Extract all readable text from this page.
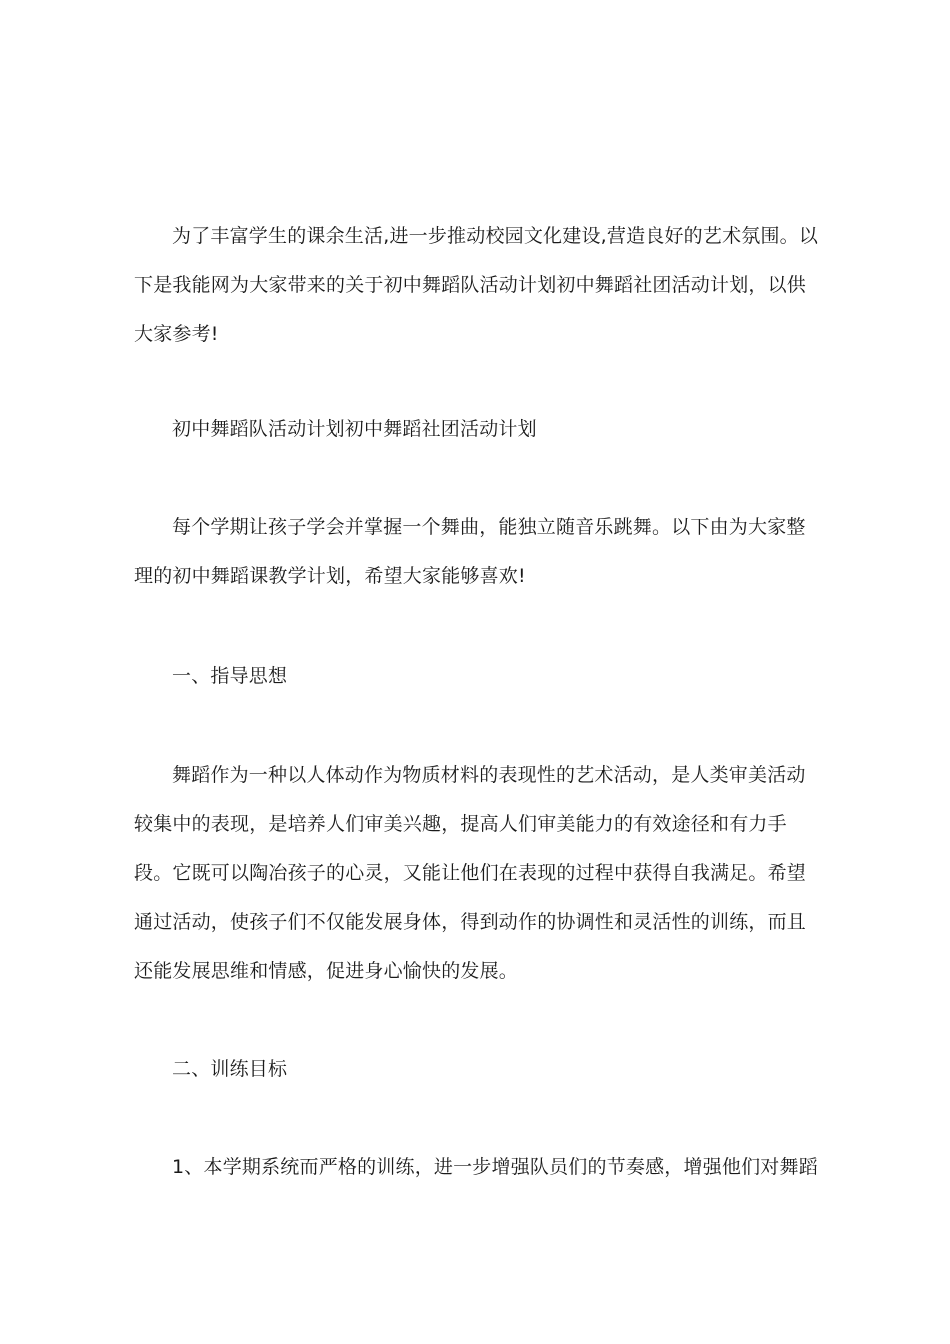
为了丰富学生的课余生活,进一步推动校园文化建设,营造良好的艺术氛围。以下是我能网为大家带来的关于初中舞蹈队活动计划初中舞蹈社团活动计划，以供大家参考!

初中舞蹈队活动计划初中舞蹈社团活动计划

每个学期让孩子学会并掌握一个舞曲，能独立随音乐跳舞。以下由为大家整理的初中舞蹈课教学计划，希望大家能够喜欢!

一、指导思想

舞蹈作为一种以人体动作为物质材料的表现性的艺术活动，是人类审美活动较集中的表现，是培养人们审美兴趣，提高人们审美能力的有效途径和有力手段。它既可以陶冶孩子的心灵，又能让他们在表现的过程中获得自我满足。希望通过活动，使孩子们不仅能发展身体，得到动作的协调性和灵活性的训练，而且还能发展思维和情感，促进身心愉快的发展。

二、训练目标

1、本学期系统而严格的训练，进一步增强队员们的节奏感，增强他们对舞蹈
